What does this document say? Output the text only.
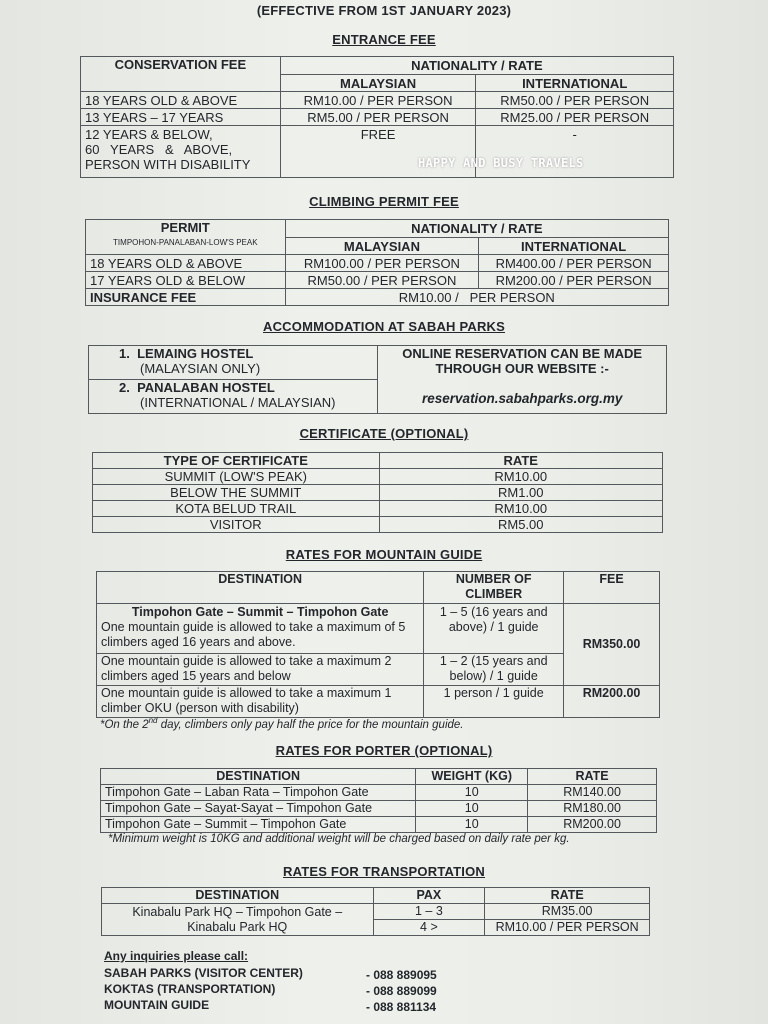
(EFFECTIVE FROM 1ST JANUARY 2023)
ENTRANCE FEE
CONSERVATION FEE	NATIONALITY / RATE	
	MALAYSIAN	INTERNATIONAL
18 YEARS OLD & ABOVE	RM10.00 / PER PERSON	RM50.00 / PER PERSON
13 YEARS – 17 YEARS	RM5.00 / PER PERSON	RM25.00 / PER PERSON

12 YEARS & BELOW,
60   YEARS   &   ABOVE,
PERSON WITH DISABILITY	FREE	-
HAPPY AND BUSY TRAVELS
CLIMBING PERMIT FEE
PERMIT
TIMPOHON-PANALABAN-LOW'S PEAK	NATIONALITY / RATE	
	MALAYSIAN	INTERNATIONAL
18 YEARS OLD & ABOVE	RM100.00 / PER PERSON	RM400.00 / PER PERSON
17 YEARS OLD & BELOW	RM50.00 / PER PERSON	RM200.00 / PER PERSON
INSURANCE FEE	RM10.00 /   PER PERSON	
ACCOMMODATION AT SABAH PARKS
1. LEMAING HOSTEL
(MALAYSIAN ONLY)

ONLINE RESERVATION CAN BE MADE
THROUGH OUR WEBSITE :-
reservation.sabahparks.org.my

2. PANALABAN HOSTEL
(INTERNATIONAL / MALAYSIAN)
CERTIFICATE (OPTIONAL)
TYPE OF CERTIFICATE	RATE
SUMMIT (LOW'S PEAK)	RM10.00
BELOW THE SUMMIT	RM1.00
KOTA BELUD TRAIL	RM10.00
VISITOR	RM5.00
RATES FOR MOUNTAIN GUIDE
DESTINATION	NUMBER OF CLIMBER	FEE

Timpohon Gate – Summit – Timpohon Gate
One mountain guide is allowed to take a maximum of 5 climbers aged 16 years and above.	1 – 5 (16 years and above) / 1 guide	RM350.00
One mountain guide is allowed to take a maximum 2 climbers aged 15 years and below	1 – 2 (15 years and below) / 1 guide	
One mountain guide is allowed to take a maximum 1 climber OKU (person with disability)	1 person / 1 guide	RM200.00
*On the 2nd day, climbers only pay half the price for the mountain guide.
RATES FOR PORTER (OPTIONAL)
DESTINATION	WEIGHT (KG)	RATE
Timpohon Gate – Laban Rata – Timpohon Gate	10	RM140.00
Timpohon Gate – Sayat-Sayat – Timpohon Gate	10	RM180.00
Timpohon Gate – Summit – Timpohon Gate	10	RM200.00
*Minimum weight is 10KG and additional weight will be charged based on daily rate per kg.
RATES FOR TRANSPORTATION
DESTINATION	PAX	RATE

Kinabalu Park HQ – Timpohon Gate –
Kinabalu Park HQ	1 – 3	RM35.00
	4 >	RM10.00 / PER PERSON
Any inquiries please call:
SABAH PARKS (VISITOR CENTER)	- 088 889095
KOKTAS (TRANSPORTATION)	- 088 889099
MOUNTAIN GUIDE	- 088 881134
